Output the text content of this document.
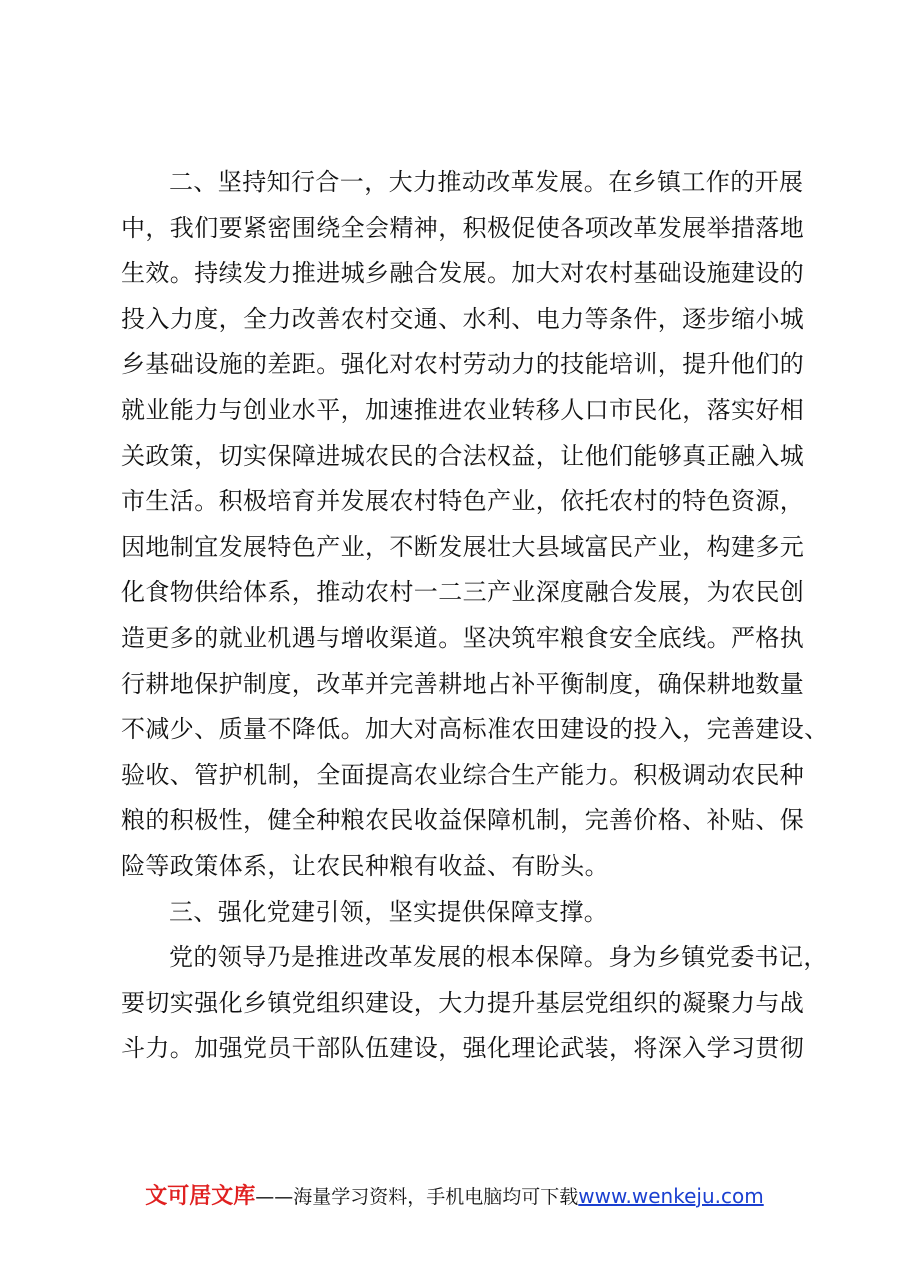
二、坚持知行合一，大力推动改革发展。在乡镇工作的开展
中，我们要紧密围绕全会精神，积极促使各项改革发展举措落地
生效。持续发力推进城乡融合发展。加大对农村基础设施建设的
投入力度，全力改善农村交通、水利、电力等条件，逐步缩小城
乡基础设施的差距。强化对农村劳动力的技能培训，提升他们的
就业能力与创业水平，加速推进农业转移人口市民化，落实好相
关政策，切实保障进城农民的合法权益，让他们能够真正融入城
市生活。积极培育并发展农村特色产业，依托农村的特色资源，
因地制宜发展特色产业，不断发展壮大县域富民产业，构建多元
化食物供给体系，推动农村一二三产业深度融合发展，为农民创
造更多的就业机遇与增收渠道。坚决筑牢粮食安全底线。严格执
行耕地保护制度，改革并完善耕地占补平衡制度，确保耕地数量
不减少、质量不降低。加大对高标准农田建设的投入，完善建设、
验收、管护机制，全面提高农业综合生产能力。积极调动农民种
粮的积极性，健全种粮农民收益保障机制，完善价格、补贴、保
险等政策体系，让农民种粮有收益、有盼头。

三、强化党建引领，坚实提供保障支撑。

党的领导乃是推进改革发展的根本保障。身为乡镇党委书记，
要切实强化乡镇党组织建设，大力提升基层党组织的凝聚力与战
斗力。加强党员干部队伍建设，强化理论武装，将深入学习贯彻

文可居文库——海量学习资料，手机电脑均可下载www.wenkeju.com
